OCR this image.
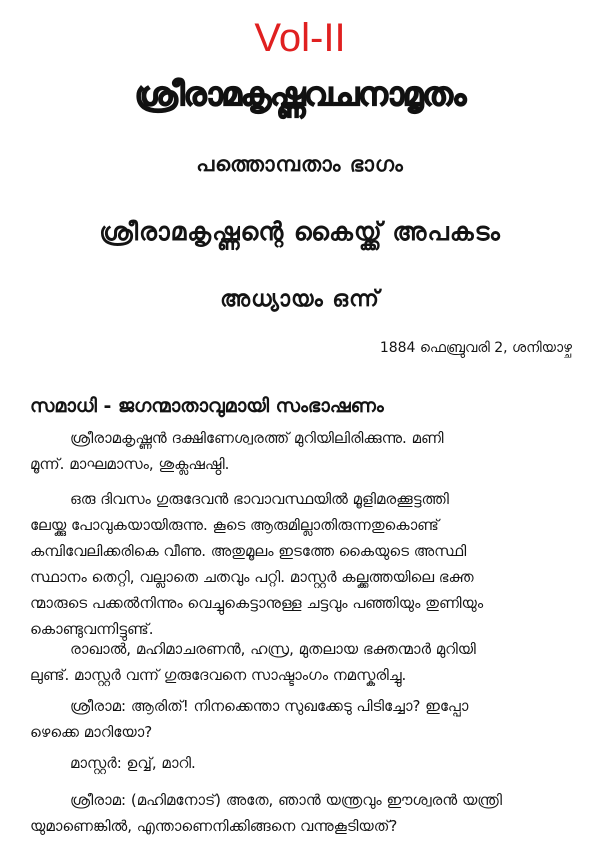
Vol-II
ശ്രീരാമകൃഷ്ണവചനാമൃതം
പത്തൊമ്പതാം ഭാഗം
ശ്രീരാമകൃഷ്ണന്റെ കൈയ്ക്ക് അപകടം
അധ്യായം ഒന്ന്
1884 ഫെബ്രുവരി 2, ശനിയാഴ്ച
സമാധി - ജഗന്മാതാവുമായി സംഭാഷണം
ശ്രീരാമകൃഷ്ണൻ ദക്ഷിണേശ്വരത്ത് മുറിയിലിരിക്കുന്നു. മണി
മൂന്ന്. മാഘമാസം, ശുക്ലഷഷ്ഠി.
ഒരു ദിവസം ഗുരുദേവൻ ഭാവാവസ്ഥയിൽ മൂളിമരക്കൂട്ടത്തി
ലേയ്ക്കു പോവുകയായിരുന്നു. കൂടെ ആരുമില്ലാതിരുന്നതുകൊണ്ട്
കമ്പിവേലിക്കരികെ വീണു. അതുമൂലം ഇടത്തേ കൈയുടെ അസ്ഥി
സ്ഥാനം തെറ്റി, വല്ലാതെ ചതവും പറ്റി. മാസ്റ്റർ കല്ക്കത്തയിലെ ഭക്ത
ന്മാരുടെ പക്കൽനിന്നും വെച്ചുകെട്ടാനുള്ള ചട്ടവും പഞ്ഞിയും തുണിയും
കൊണ്ടുവന്നിട്ടുണ്ട്.
രാഖാൽ, മഹിമാചരണൻ, ഹസ്ര, മുതലായ ഭക്തന്മാർ മുറിയി
ലുണ്ട്. മാസ്റ്റർ വന്ന് ഗുരുദേവനെ സാഷ്ടാംഗം നമസ്കരിച്ചു.
ശ്രീരാമ: ആരിത്! നിനക്കെന്താ സുഖക്കേടു പിടിച്ചോ? ഇപ്പോ
ഴെക്കെ മാറിയോ?
മാസ്റ്റർ: ഉവ്വ്, മാറി.
ശ്രീരാമ: (മഹിമനോട്) അതേ, ഞാൻ യന്ത്രവും ഈശ്വരൻ യന്ത്രി
യുമാണെങ്കിൽ, എന്താണെനിക്കിങ്ങനെ വന്നുകൂടിയത്?
